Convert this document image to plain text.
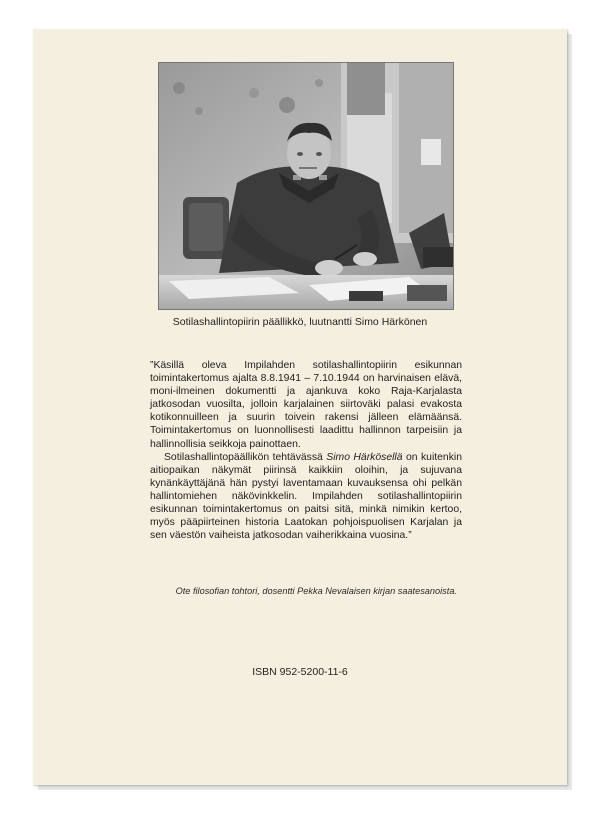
Sotilashallintopiirin päällikkö, luutnantti Simo Härkönen

”Käsillä oleva Impilahden sotilashallintopiirin esikunnan toimintakertomus ajalta 8.8.1941 – 7.10.1944 on harvinaisen elävä, moni-ilmeinen dokumentti ja ajankuva koko Raja-Karjalasta jatkosodan vuosilta, jolloin karjalainen siirtoväki palasi evakosta kotikonnuilleen ja suurin toivein rakensi jälleen elämäänsä. Toimintakertomus on luonnollisesti laadittu hallinnon tarpeisiin ja hallinnollisia seikkoja painottaen.

Sotilashallintopäällikön tehtävässä Simo Härkösellä on kuitenkin aitiopaikan näkymät piirinsä kaikkiin oloihin, ja sujuvana kynänkäyttäjänä hän pystyi laventamaan kuvauksensa ohi pelkän hallintomiehen näkövinkkelin. Impilahden sotilashallintopiirin esikunnan toimintakertomus on paitsi sitä, minkä nimikin kertoo, myös pääpiirteinen historia Laatokan pohjoispuolisen Karjalan ja sen väestön vaiheista jatkosodan vaiherikkaina vuosina.”

Ote filosofian tohtori, dosentti Pekka Nevalaisen kirjan saatesanoista.
ISBN 952-5200-11-6
